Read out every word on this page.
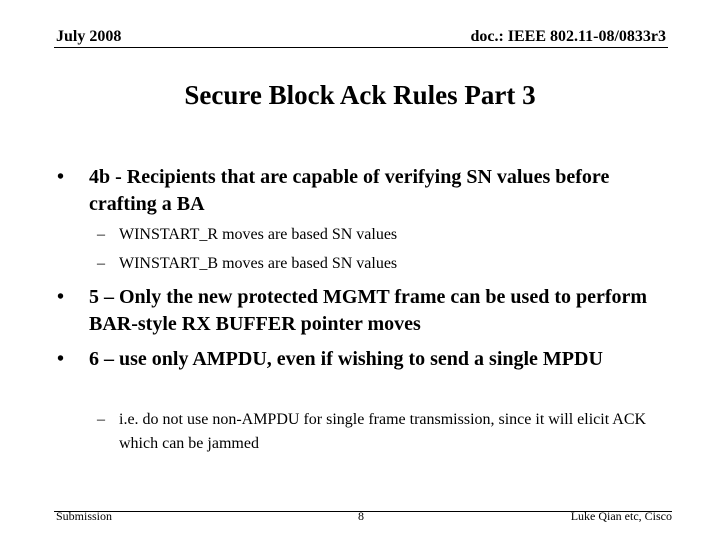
July 2008	doc.: IEEE 802.11-08/0833r3
Secure Block Ack Rules Part 3
• 4b - Recipients that are capable of verifying SN values before crafting a BA
– WINSTART_R moves are based SN values
– WINSTART_B moves are based SN values
• 5 – Only the new protected MGMT frame can be used to perform BAR-style RX BUFFER pointer moves
• 6 – use only AMPDU, even if wishing to send a single MPDU
– i.e. do not use non-AMPDU for single frame transmission, since it will elicit ACK which can be jammed
Submission	8	Luke Qian etc, Cisco
